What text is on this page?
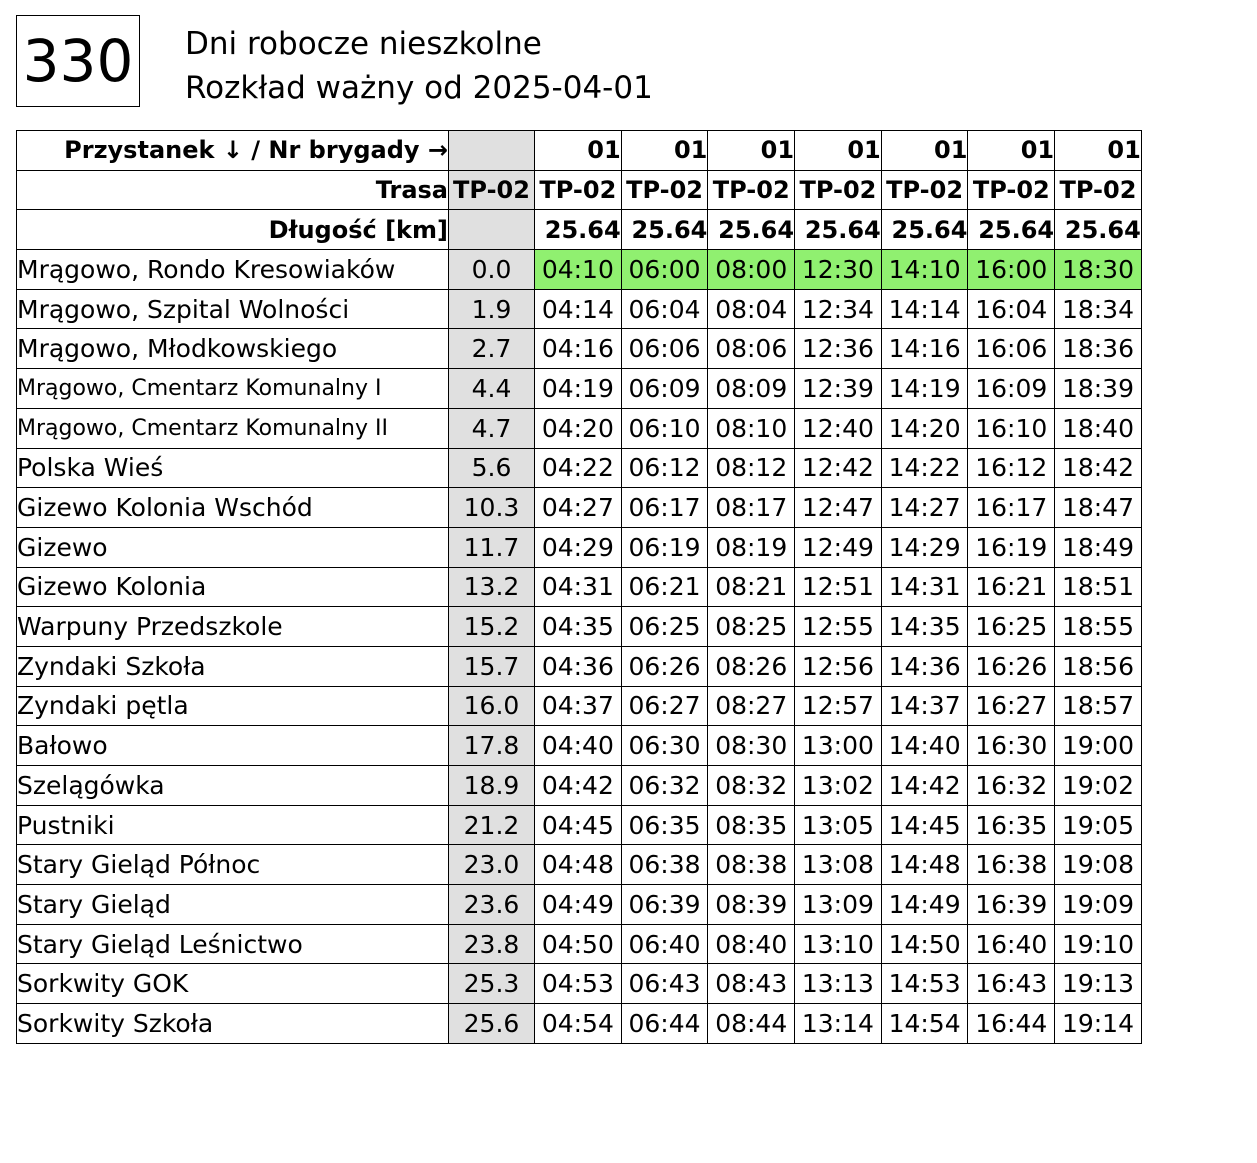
330 Dni robocze nieszkolne
Rozkład ważny od 2025-04-01
Przystanek ↓ / Nr brygady →		01	01	01	01	01	01	01
Trasa	TP-02	TP-02	TP-02	TP-02	TP-02	TP-02	TP-02	TP-02
Długość [km]		25.64	25.64	25.64	25.64	25.64	25.64	25.64
Mrągowo, Rondo Kresowiaków	0.0	04:10	06:00	08:00	12:30	14:10	16:00	18:30
Mrągowo, Szpital Wolności	1.9	04:14	06:04	08:04	12:34	14:14	16:04	18:34
Mrągowo, Młodkowskiego	2.7	04:16	06:06	08:06	12:36	14:16	16:06	18:36
Mrągowo, Cmentarz Komunalny I	4.4	04:19	06:09	08:09	12:39	14:19	16:09	18:39
Mrągowo, Cmentarz Komunalny II	4.7	04:20	06:10	08:10	12:40	14:20	16:10	18:40
Polska Wieś	5.6	04:22	06:12	08:12	12:42	14:22	16:12	18:42
Gizewo Kolonia Wschód	10.3	04:27	06:17	08:17	12:47	14:27	16:17	18:47
Gizewo	11.7	04:29	06:19	08:19	12:49	14:29	16:19	18:49
Gizewo Kolonia	13.2	04:31	06:21	08:21	12:51	14:31	16:21	18:51
Warpuny Przedszkole	15.2	04:35	06:25	08:25	12:55	14:35	16:25	18:55
Zyndaki Szkoła	15.7	04:36	06:26	08:26	12:56	14:36	16:26	18:56
Zyndaki pętla	16.0	04:37	06:27	08:27	12:57	14:37	16:27	18:57
Bałowo	17.8	04:40	06:30	08:30	13:00	14:40	16:30	19:00
Szelągówka	18.9	04:42	06:32	08:32	13:02	14:42	16:32	19:02
Pustniki	21.2	04:45	06:35	08:35	13:05	14:45	16:35	19:05
Stary Gieląd Północ	23.0	04:48	06:38	08:38	13:08	14:48	16:38	19:08
Stary Gieląd	23.6	04:49	06:39	08:39	13:09	14:49	16:39	19:09
Stary Gieląd Leśnictwo	23.8	04:50	06:40	08:40	13:10	14:50	16:40	19:10
Sorkwity GOK	25.3	04:53	06:43	08:43	13:13	14:53	16:43	19:13
Sorkwity Szkoła	25.6	04:54	06:44	08:44	13:14	14:54	16:44	19:14
